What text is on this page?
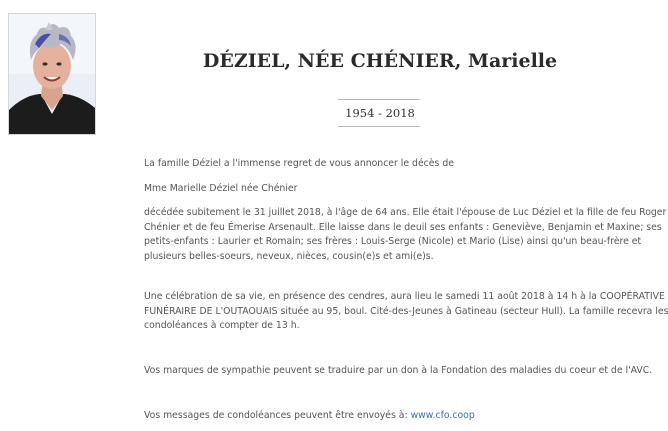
DÉZIEL, NÉE CHÉNIER, Marielle
1954 - 2018

La famille Déziel a l'immense regret de vous annoncer le décès de

Mme Marielle Déziel née Chénier

décédée subitement le 31 juillet 2018, à l'âge de 64 ans. Elle était l'épouse de Luc Déziel et la fille de feu Roger
Chénier et de feu Émerise Arsenault. Elle laisse dans le deuil ses enfants : Geneviève, Benjamin et Maxine; ses
petits-enfants : Laurier et Romain; ses frères : Louis-Serge (Nicole) et Mario (Lise) ainsi qu'un beau-frère et
plusieurs belles-soeurs, neveux, nièces, cousin(e)s et ami(e)s.

Une célébration de sa vie, en présence des cendres, aura lieu le samedi 11 août 2018 à 14 h à la COOPÉRATIVE
FUNÉRAIRE DE L'OUTAOUAIS située au 95, boul. Cité-des-Jeunes à Gatineau (secteur Hull). La famille recevra les
condoléances à compter de 13 h.

Vos marques de sympathie peuvent se traduire par un don à la Fondation des maladies du coeur et de l'AVC.

Vos messages de condoléances peuvent être envoyés à: www.cfo.coop
